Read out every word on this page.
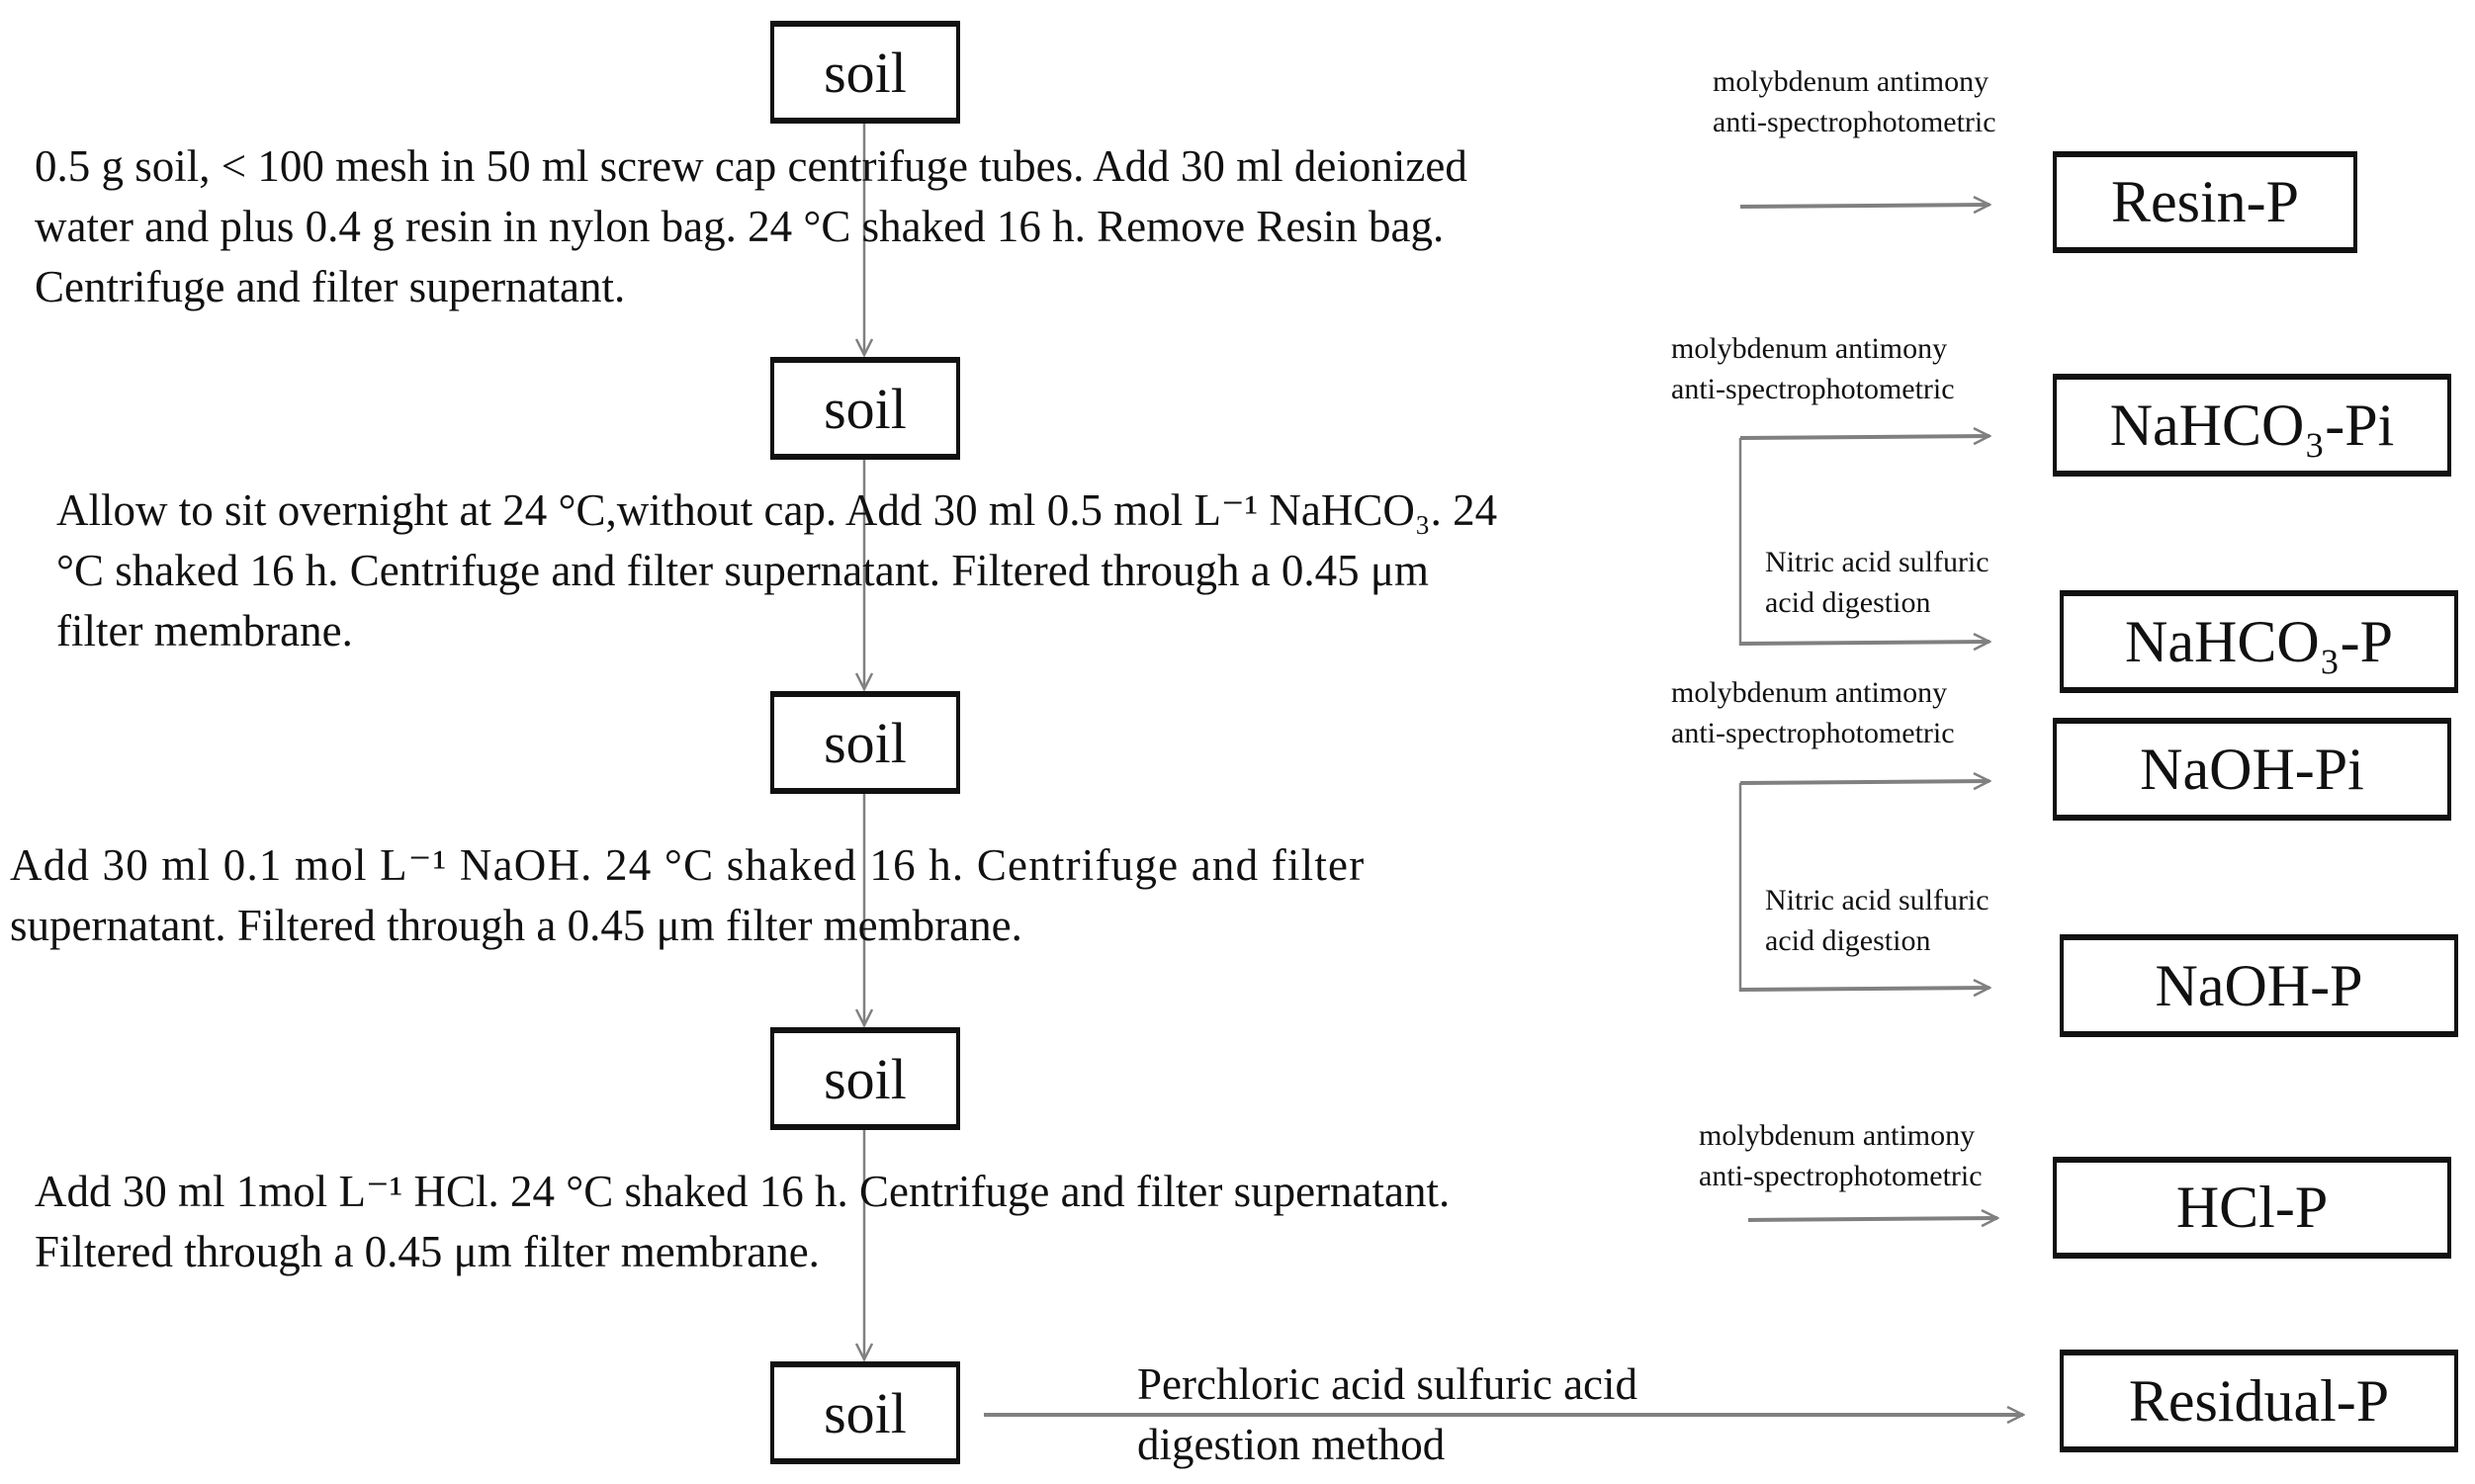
soil
soil
soil
soil
soil
0.5 g soil, < 100 mesh in 50 ml screw cap centrifuge tubes. Add 30 ml deionized
water and plus 0.4 g resin in nylon bag. 24 °C shaked 16 h. Remove Resin bag.
Centrifuge and filter supernatant.
Allow to sit overnight at 24 °C,without cap. Add 30 ml 0.5 mol L⁻¹ NaHCO₃. 24
°C shaked 16 h. Centrifuge and filter supernatant. Filtered through a 0.45 μm
filter membrane.
Add 30 ml 0.1 mol L⁻¹ NaOH. 24 °C shaked 16 h. Centrifuge and filter
supernatant. Filtered through a 0.45 μm filter membrane.
Add 30 ml 1mol L⁻¹ HCl. 24 °C shaked 16 h. Centrifuge and filter supernatant.
Filtered through a 0.45 μm filter membrane.
molybdenum antimony
anti-spectrophotometric
molybdenum antimony
anti-spectrophotometric
Nitric acid sulfuric
acid digestion
molybdenum antimony
anti-spectrophotometric
Nitric acid sulfuric
acid digestion
molybdenum antimony
anti-spectrophotometric
Perchloric acid sulfuric acid
digestion method
Resin-P
NaHCO₃-Pi
NaHCO₃-P
NaOH-Pi
NaOH-P
HCl-P
Residual-P
